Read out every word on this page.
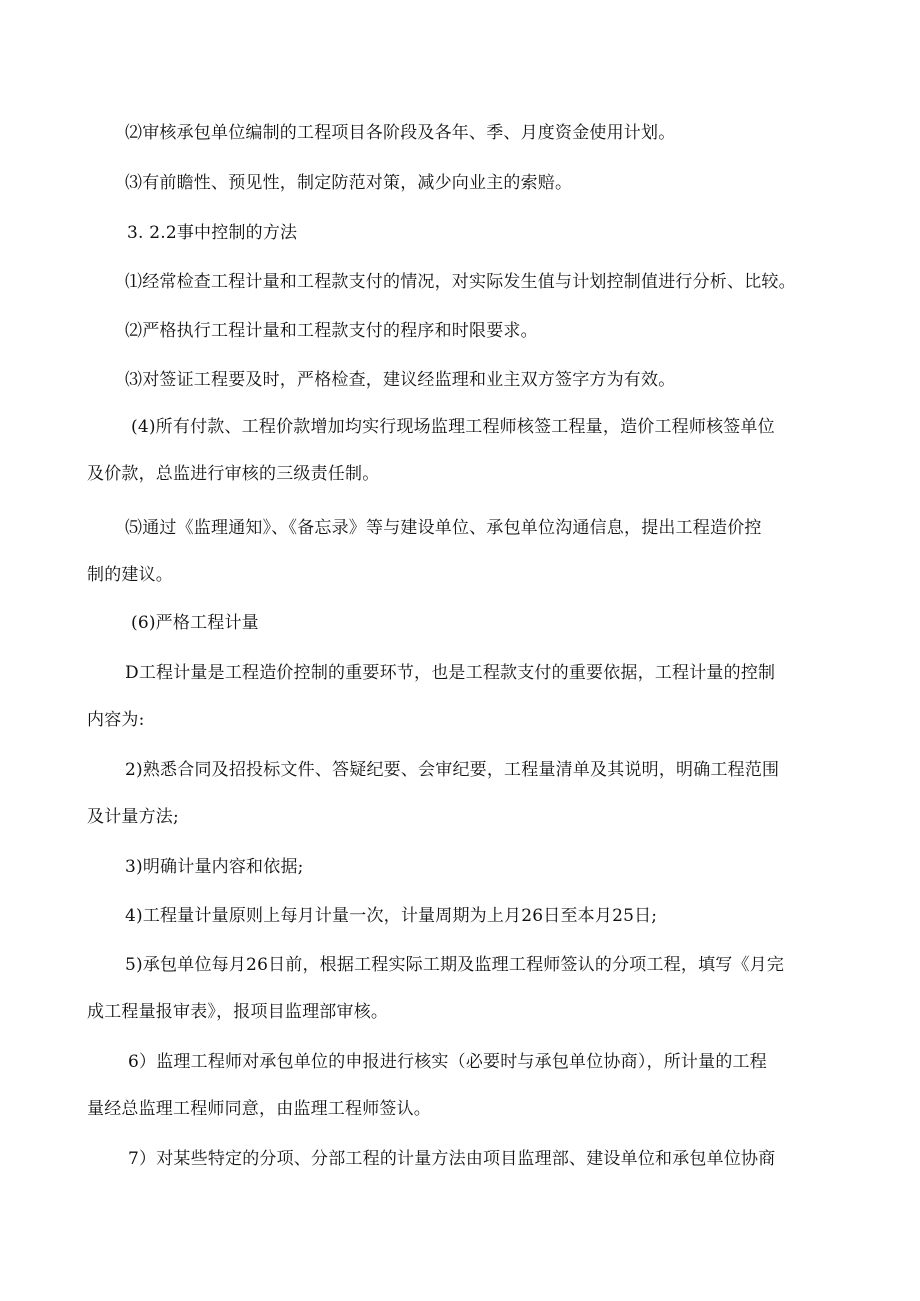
⑵审核承包单位编制的工程项目各阶段及各年、季、月度资金使用计划。
⑶有前瞻性、预见性，制定防范对策，减少向业主的索赔。
3. 2.2事中控制的方法
⑴经常检查工程计量和工程款支付的情况，对实际发生值与计划控制值进行分析、比较。
⑵严格执行工程计量和工程款支付的程序和时限要求。
⑶对签证工程要及时，严格检查，建议经监理和业主双方签字方为有效。
(4)所有付款、工程价款增加均实行现场监理工程师核签工程量，造价工程师核签单位
及价款，总监进行审核的三级责任制。
⑸通过《监理通知》、《备忘录》等与建设单位、承包单位沟通信息，提出工程造价控
制的建议。
(6)严格工程计量
D工程计量是工程造价控制的重要环节，也是工程款支付的重要依据，工程计量的控制
内容为:
2)熟悉合同及招投标文件、答疑纪要、会审纪要，工程量清单及其说明，明确工程范围
及计量方法;
3)明确计量内容和依据;
4)工程量计量原则上每月计量一次，计量周期为上月26日至本月25日;
5)承包单位每月26日前，根据工程实际工期及监理工程师签认的分项工程，填写《月完
成工程量报审表》，报项目监理部审核。
6）监理工程师对承包单位的申报进行核实（必要时与承包单位协商），所计量的工程
量经总监理工程师同意，由监理工程师签认。
7）对某些特定的分项、分部工程的计量方法由项目监理部、建设单位和承包单位协商
